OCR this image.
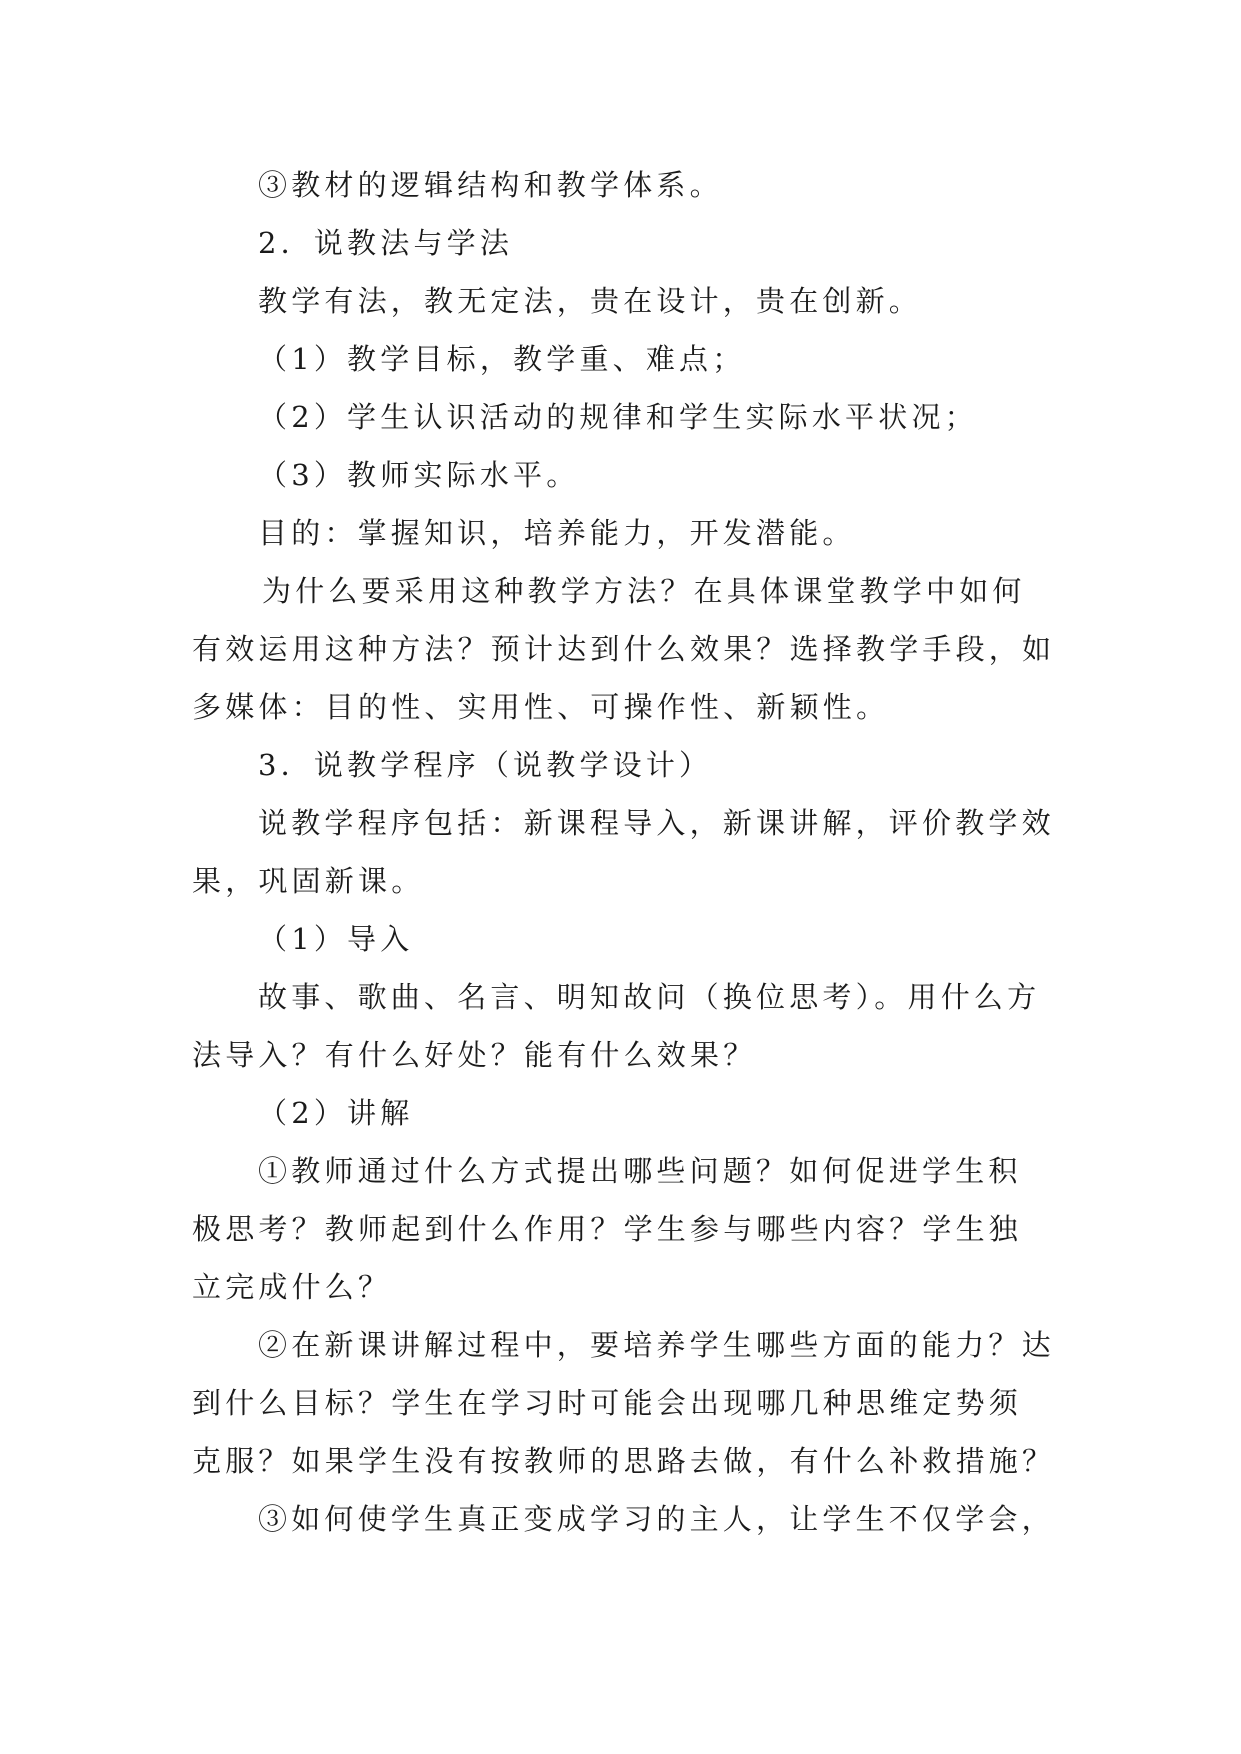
③教材的逻辑结构和教学体系。
2．说教法与学法
教学有法，教无定法，贵在设计，贵在创新。
（1）教学目标，教学重、难点；
（2）学生认识活动的规律和学生实际水平状况；
（3）教师实际水平。
目的：掌握知识，培养能力，开发潜能。
为什么要采用这种教学方法？在具体课堂教学中如何
有效运用这种方法？预计达到什么效果？选择教学手段，如
多媒体：目的性、实用性、可操作性、新颖性。
3．说教学程序（说教学设计）
说教学程序包括：新课程导入，新课讲解，评价教学效
果，巩固新课。
（1）导入
故事、歌曲、名言、明知故问（换位思考）。用什么方
法导入？有什么好处？能有什么效果？
（2）讲解
①教师通过什么方式提出哪些问题？如何促进学生积
极思考？教师起到什么作用？学生参与哪些内容？学生独
立完成什么？
②在新课讲解过程中，要培养学生哪些方面的能力？达
到什么目标？学生在学习时可能会出现哪几种思维定势须
克服？如果学生没有按教师的思路去做，有什么补救措施？
③如何使学生真正变成学习的主人，让学生不仅学会，
